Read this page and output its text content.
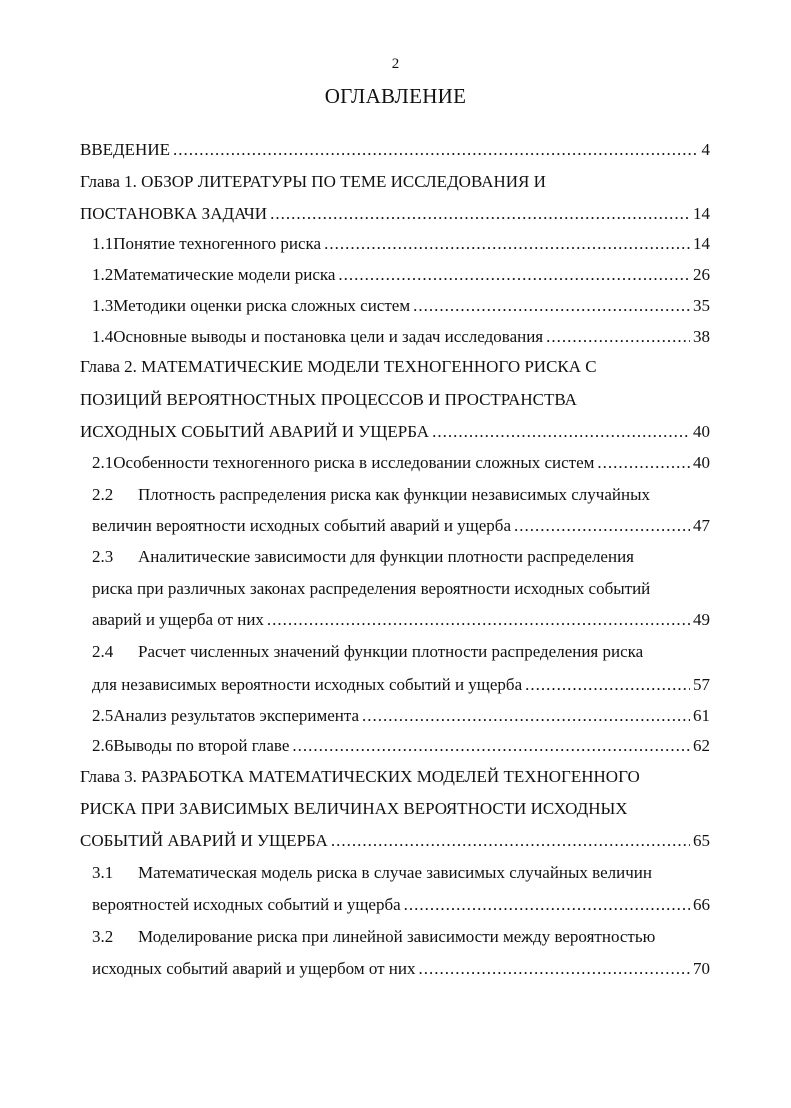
2
ОГЛАВЛЕНИЕ
ВВЕДЕНИЕ .....	4
Глава 1. ОБЗОР ЛИТЕРАТУРЫ ПО ТЕМЕ ИССЛЕДОВАНИЯ И
ПОСТАНОВКА ЗАДАЧИ .....	14
1.1 Понятие техногенного риска .....	14
1.2 Математические модели риска .....	26
1.3 Методики оценки риска сложных систем .....	35
1.4 Основные выводы и постановка цели и задач исследования .....	38
Глава 2. МАТЕМАТИЧЕСКИЕ МОДЕЛИ ТЕХНОГЕННОГО РИСКА С
ПОЗИЦИЙ ВЕРОЯТНОСТНЫХ ПРОЦЕССОВ И ПРОСТРАНСТВА
ИСХОДНЫХ СОБЫТИЙ АВАРИЙ И УЩЕРБА .....	40
2.1 Особенности техногенного риска в исследовании сложных систем .....	40
2.2 Плотность распределения риска как функции независимых случайных
величин вероятности исходных событий аварий и ущерба .....	47
2.3 Аналитические зависимости для функции плотности распределения
риска при различных законах распределения вероятности исходных событий
аварий и ущерба от них .....	49
2.4 Расчет численных значений функции плотности распределения риска
для независимых вероятности исходных событий и ущерба .....	57
2.5 Анализ результатов эксперимента .....	61
2.6 Выводы по второй главе .....	62
Глава 3. РАЗРАБОТКА МАТЕМАТИЧЕСКИХ МОДЕЛЕЙ ТЕХНОГЕННОГО
РИСКА ПРИ ЗАВИСИМЫХ ВЕЛИЧИНАХ ВЕРОЯТНОСТИ ИСХОДНЫХ
СОБЫТИЙ АВАРИЙ И УЩЕРБА .....	65
3.1 Математическая модель риска в случае зависимых случайных величин
вероятностей исходных событий и ущерба .....	66
3.2 Моделирование риска при линейной зависимости между вероятностью
исходных событий аварий и ущербом от них .....	70
